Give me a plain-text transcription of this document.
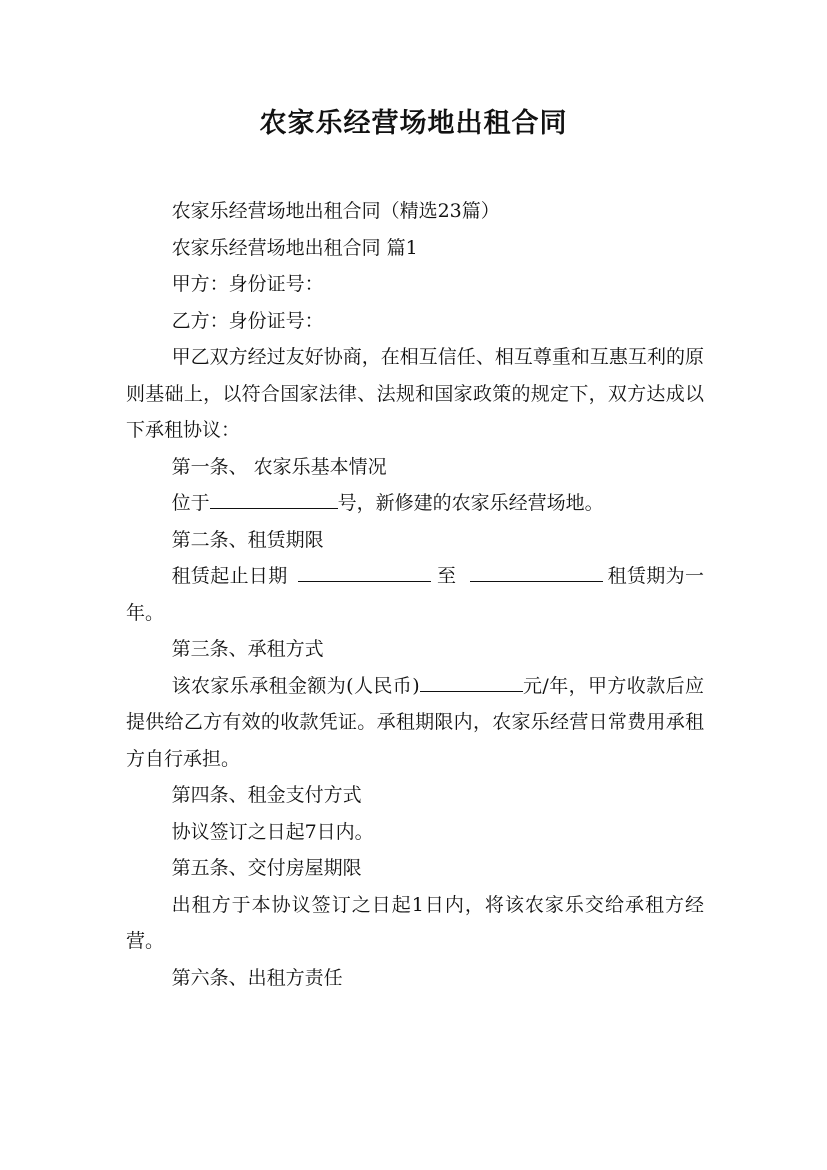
农家乐经营场地出租合同

农家乐经营场地出租合同（精选23篇）

农家乐经营场地出租合同 篇1

甲方：身份证号：

乙方：身份证号：

甲乙双方经过友好协商，在相互信任、相互尊重和互惠互利的原则基础上，以符合国家法律、法规和国家政策的规定下，双方达成以下承租协议：

第一条、 农家乐基本情况

位于	号，新修建的农家乐经营场地。

第二条、租赁期限

租赁起止日期	至	租赁期为一年。

第三条、承租方式

该农家乐承租金额为(人民币)	元/年，甲方收款后应提供给乙方有效的收款凭证。承租期限内，农家乐经营日常费用承租方自行承担。

第四条、租金支付方式

协议签订之日起7日内。

第五条、交付房屋期限

出租方于本协议签订之日起1日内，将该农家乐交给承租方经营。

第六条、出租方责任
